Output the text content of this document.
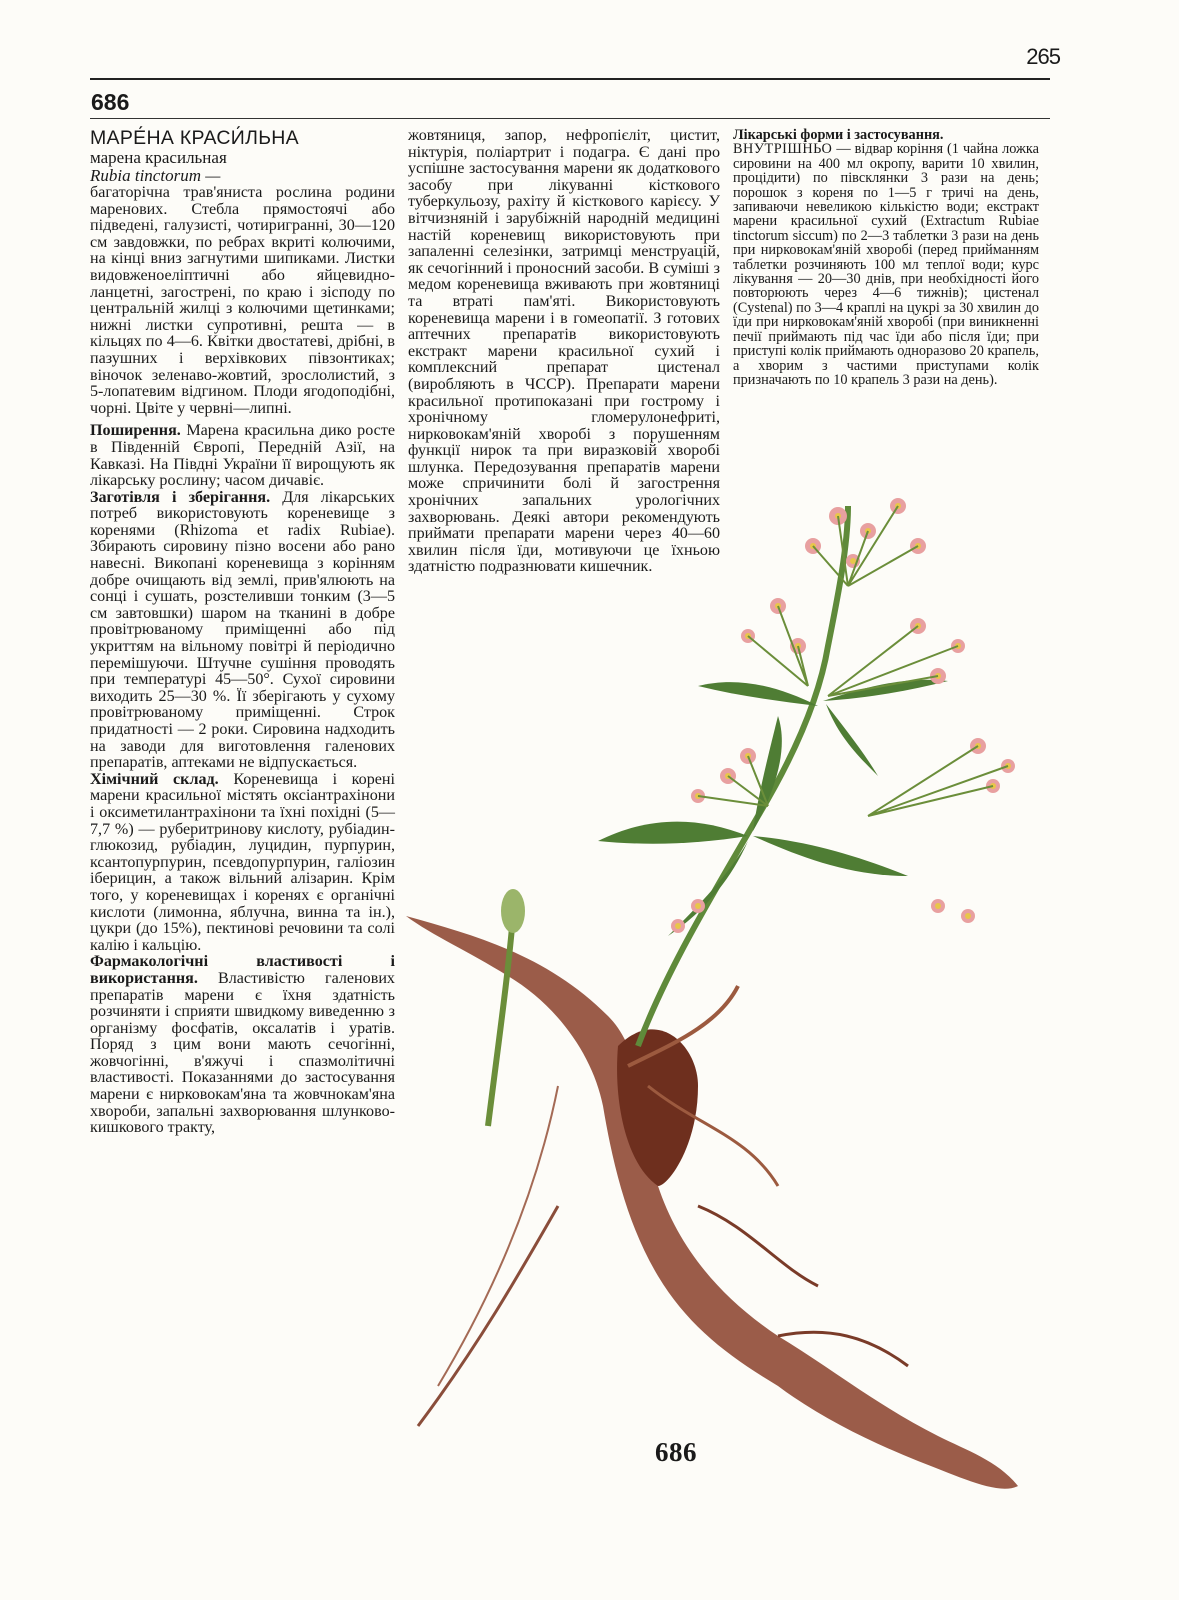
265
686
МАРЕ́НА КРАСИ́ЛЬНА
марена красильная
Rubia tinctorum —

багаторічна трав'яниста рослина родини маренових. Стебла прямостоячі або підведені, галузисті, чотиригранні, 30—120 см завдовжки, по ребрах вкриті колючими, на кінці вниз загнутими шипиками. Листки видовженоеліптичні або яйцевидно-ланцетні, загострені, по краю і зісподу по центральній жилці з колючими щетинками; нижні листки супротивні, решта — в кільцях по 4—6. Квітки двостатеві, дрібні, в пазушних і верхівкових півзонтиках; віночок зеленаво-жовтий, зрослолистий, з 5-лопатевим відгином. Плоди ягодоподібні, чорні. Цвіте у червні—липні.

Поширення. Марена красильна дико росте в Південній Європі, Передній Азії, на Кавказі. На Півдні України її вирощують як лікарську рослину; часом дичавіє.

Заготівля і зберігання. Для лікарських потреб використовують кореневище з коренями (Rhizoma et radix Rubiae). Збирають сировину пізно восени або рано навесні. Викопані кореневища з корінням добре очищають від землі, прив'ялюють на сонці і сушать, розстеливши тонким (3—5 см завтовшки) шаром на тканині в добре провітрюваному приміщенні або під укриттям на вільному повітрі й періодично перемішуючи. Штучне сушіння проводять при температурі 45—50°. Сухої сировини виходить 25—30 %. Її зберігають у сухому провітрюваному приміщенні. Строк придатності — 2 роки. Сировина надходить на заводи для виготовлення галенових препаратів, аптеками не відпускається.

Хімічний склад. Кореневища і корені марени красильної містять оксіантрахінони і оксиметилантрахінони та їхні похідні (5—7,7 %) — руберитринову кислоту, рубіадин-глюкозид, рубіадин, луцидин, пурпурин, ксантопурпурин, псевдопурпурин, галіозин іберицин, а також вільний алізарин. Крім того, у кореневищах і коренях є органічні кислоти (лимонна, яблучна, винна та ін.), цукри (до 15%), пектинові речовини та солі калію і кальцію.

Фармакологічні властивості і використання. Властивістю галенових препаратів марени є їхня здатність розчиняти і сприяти швидкому виведенню з організму фосфатів, оксалатів і уратів. Поряд з цим вони мають сечогінні, жовчогінні, в'яжучі і спазмолітичні властивості. Показаннями до застосування марени є нирковокам'яна та жовчнокам'яна хвороби, запальні захворювання шлунково-кишкового тракту,

жовтяниця, запор, нефропієліт, цистит, ніктурія, поліартрит і подагра. Є дані про успішне застосування марени як додаткового засобу при лікуванні кісткового туберкульозу, рахіту й кісткового карієсу. У вітчизняній і зарубіжній народній медицині настій кореневищ використовують при запаленні селезінки, затримці менструацій, як сечогінний і проносний засоби. В суміші з медом кореневища вживають при жовтяниці та втраті пам'яті. Використовують кореневища марени і в гомеопатії. З готових аптечних препаратів використовують екстракт марени красильної сухий і комплексний препарат цистенал (виробляють в ЧССР). Препарати марени красильної протипоказані при гострому і хронічному гломерулонефриті, нирковокам'яній хворобі з порушенням функції нирок та при виразковій хворобі шлунка. Передозування препаратів марени може спричинити болі й загострення хронічних запальних урологічних захворювань. Деякі автори рекомендують приймати препарати марени через 40—60 хвилин після їди, мотивуючи це їхньою здатністю подразнювати кишечник.

Лікарські форми і застосування.
ВНУТРІШНЬО — відвар коріння (1 чайна ложка сировини на 400 мл окропу, варити 10 хвилин, процідити) по півсклянки 3 рази на день; порошок з кореня по 1—5 г тричі на день, запиваючи невеликою кількістю води; екстракт марени красильної сухий (Extractum Rubiae tinctorum siccum) по 2—3 таблетки 3 рази на день при нирковокам'яній хворобі (перед прийманням таблетки розчиняють 100 мл теплої води; курс лікування — 20—30 днів, при необхідності його повторюють через 4—6 тижнів); цистенал (Cystenal) по 3—4 краплі на цукрі за 30 хвилин до їди при нирковокам'яній хворобі (при виникненні печії приймають під час їди або після їди; при приступі колік приймають одноразово 20 крапель, а хворим з частими приступами колік призначають по 10 крапель 3 рази на день).

686
